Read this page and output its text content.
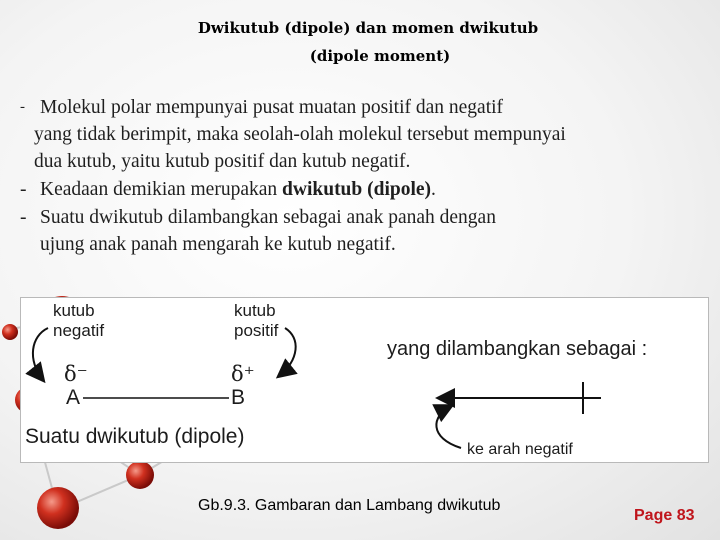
Dwikutub (dipole) dan momen dwikutub
(dipole moment)
- Molekul polar mempunyai pusat muatan positif dan negatif
yang tidak berimpit, maka seolah-olah molekul tersebut mempunyai
dua kutub, yaitu kutub positif dan kutub negatif.
- Keadaan demikian merupakan dwikutub (dipole).
- Suatu dwikutub dilambangkan sebagai anak panah dengan
ujung anak panah mengarah ke kutub negatif.
kutub
negatif
kutub
positif
δ⁻	δ⁺
A	B
Suatu dwikutub (dipole)
yang dilambangkan sebagai :
ke arah negatif
Gb.9.3. Gambaran dan Lambang dwikutub
Page 83
